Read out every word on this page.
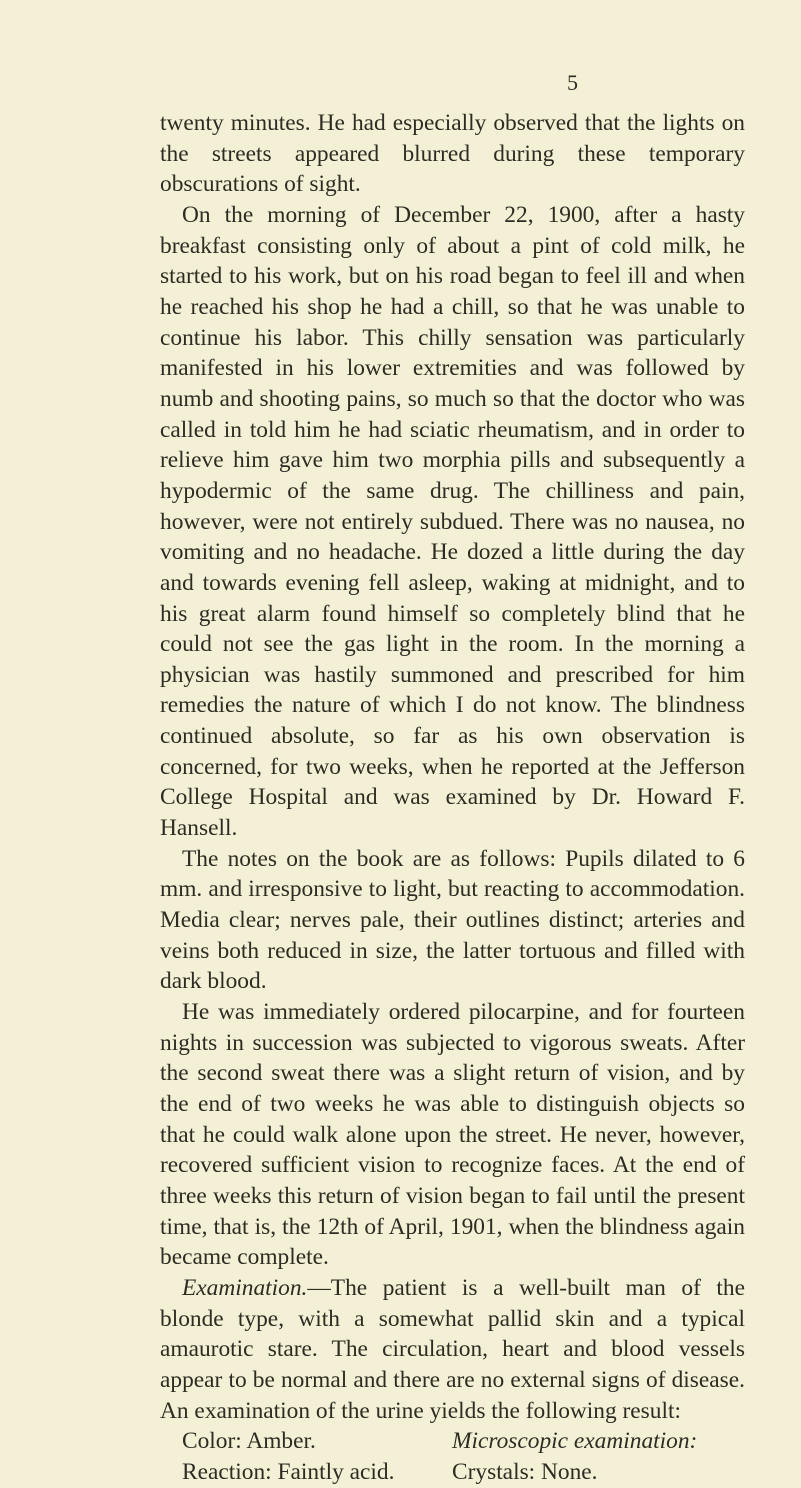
5

twenty minutes. He had especially observed that the lights on the streets appeared blurred during these temporary obscurations of sight.

On the morning of December 22, 1900, after a hasty breakfast consisting only of about a pint of cold milk, he started to his work, but on his road began to feel ill and when he reached his shop he had a chill, so that he was unable to continue his labor. This chilly sensation was particularly manifested in his lower extremities and was followed by numb and shooting pains, so much so that the doctor who was called in told him he had sciatic rheumatism, and in order to relieve him gave him two morphia pills and subsequently a hypodermic of the same drug. The chilliness and pain, however, were not entirely subdued. There was no nausea, no vomiting and no headache. He dozed a little during the day and towards evening fell asleep, waking at midnight, and to his great alarm found himself so completely blind that he could not see the gas light in the room. In the morning a physician was hastily summoned and prescribed for him remedies the nature of which I do not know. The blindness continued absolute, so far as his own observation is concerned, for two weeks, when he reported at the Jefferson College Hospital and was examined by Dr. Howard F. Hansell.

The notes on the book are as follows: Pupils dilated to 6 mm. and irresponsive to light, but reacting to accommodation. Media clear; nerves pale, their outlines distinct; arteries and veins both reduced in size, the latter tortuous and filled with dark blood.

He was immediately ordered pilocarpine, and for fourteen nights in succession was subjected to vigorous sweats. After the second sweat there was a slight return of vision, and by the end of two weeks he was able to distinguish objects so that he could walk alone upon the street. He never, however, recovered sufficient vision to recognize faces. At the end of three weeks this return of vision began to fail until the present time, that is, the 12th of April, 1901, when the blindness again became complete.

Examination.—The patient is a well-built man of the blonde type, with a somewhat pallid skin and a typical amaurotic stare. The circulation, heart and blood vessels appear to be normal and there are no external signs of disease. An examination of the urine yields the following result:

Color: Amber.	Microscopic examination:
Reaction: Faintly acid.	Crystals: None.
